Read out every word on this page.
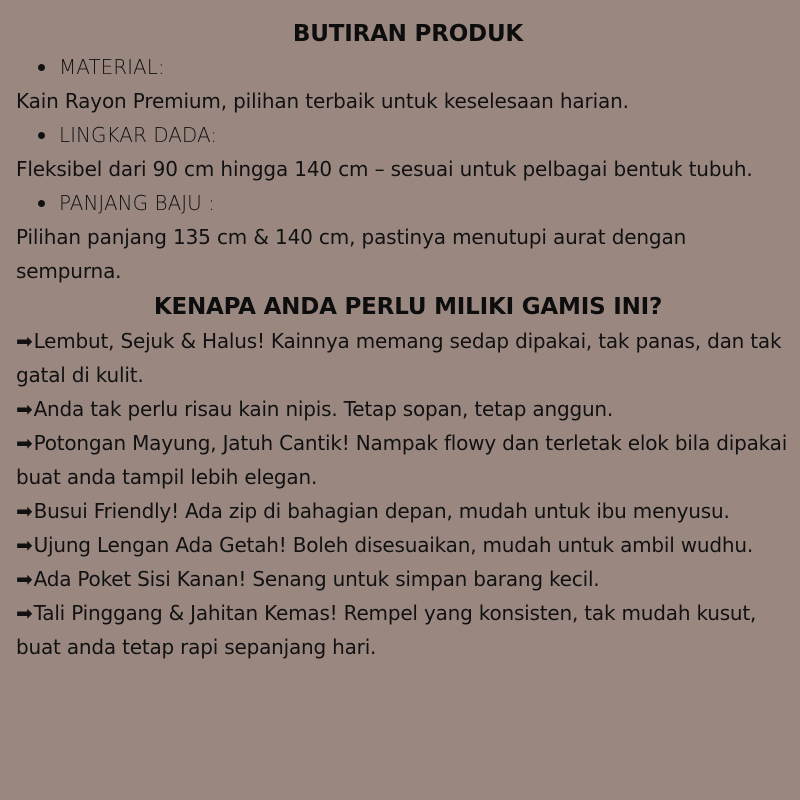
BUTIRAN PRODUK
MATERIAL:

Kain Rayon Premium, pilihan terbaik untuk keselesaan harian.

LINGKAR DADA:

Fleksibel dari 90 cm hingga 140 cm – sesuai untuk pelbagai bentuk tubuh.

PANJANG BAJU :

Pilihan panjang 135 cm & 140 cm, pastinya menutupi aurat dengan sempurna.

KENAPA ANDA PERLU MILIKI GAMIS INI?

➡Lembut, Sejuk & Halus! Kainnya memang sedap dipakai, tak panas, dan tak gatal di kulit.

➡Anda tak perlu risau kain nipis. Tetap sopan, tetap anggun.

➡Potongan Mayung, Jatuh Cantik! Nampak flowy dan terletak elok bila dipakai buat anda tampil lebih elegan.

➡Busui Friendly! Ada zip di bahagian depan, mudah untuk ibu menyusu.

➡Ujung Lengan Ada Getah! Boleh disesuaikan, mudah untuk ambil wudhu.

➡Ada Poket Sisi Kanan! Senang untuk simpan barang kecil.

➡Tali Pinggang & Jahitan Kemas! Rempel yang konsisten, tak mudah kusut, buat anda tetap rapi sepanjang hari.
